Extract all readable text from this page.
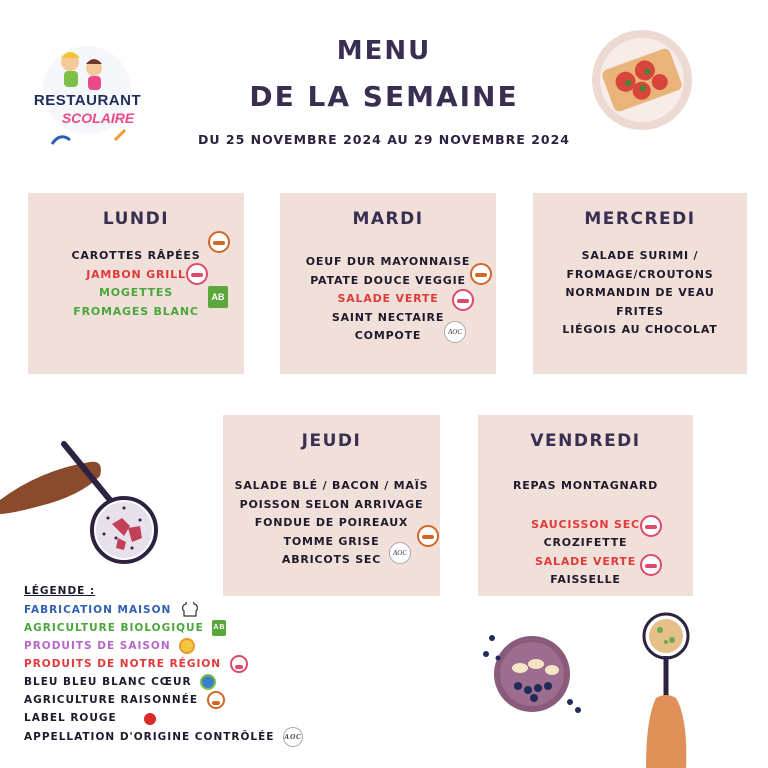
RESTAURANT
SCOLAIRE
MENU
DE LA SEMAINE
DU 25 NOVEMBRE 2024 AU 29 NOVEMBRE 2024
LUNDI
CAROTTES RÂPÉES
JAMBON GRILL
MOGETTES
FROMAGES BLANC
AB
MARDI
OEUF DUR MAYONNAISE
PATATE DOUCE VEGGIE
SALADE VERTE
SAINT NECTAIRE
COMPOTE	AOC
MERCREDI
SALADE SURIMI /
FROMAGE/CROUTONS
NORMANDIN DE VEAU
FRITES
LIÉGOIS AU CHOCOLAT
JEUDI
SALADE BLÉ / BACON / MAÏS
POISSON SELON ARRIVAGE
FONDUE DE POIREAUX
TOMME GRISE
ABRICOTS SEC	AOC
VENDREDI
REPAS MONTAGNARD
SAUCISSON SEC
CROZIFETTE
SALADE VERTE
FAISSELLE
LÉGENDE :
FABRICATION MAISON
AGRICULTURE BIOLOGIQUE AB
PRODUITS DE SAISON
PRODUITS DE NOTRE RÉGION
BLEU BLEU BLANC CŒUR
AGRICULTURE RAISONNÉE
LABEL ROUGE
APPELLATION D'ORIGINE CONTRÔLÉE AOC
